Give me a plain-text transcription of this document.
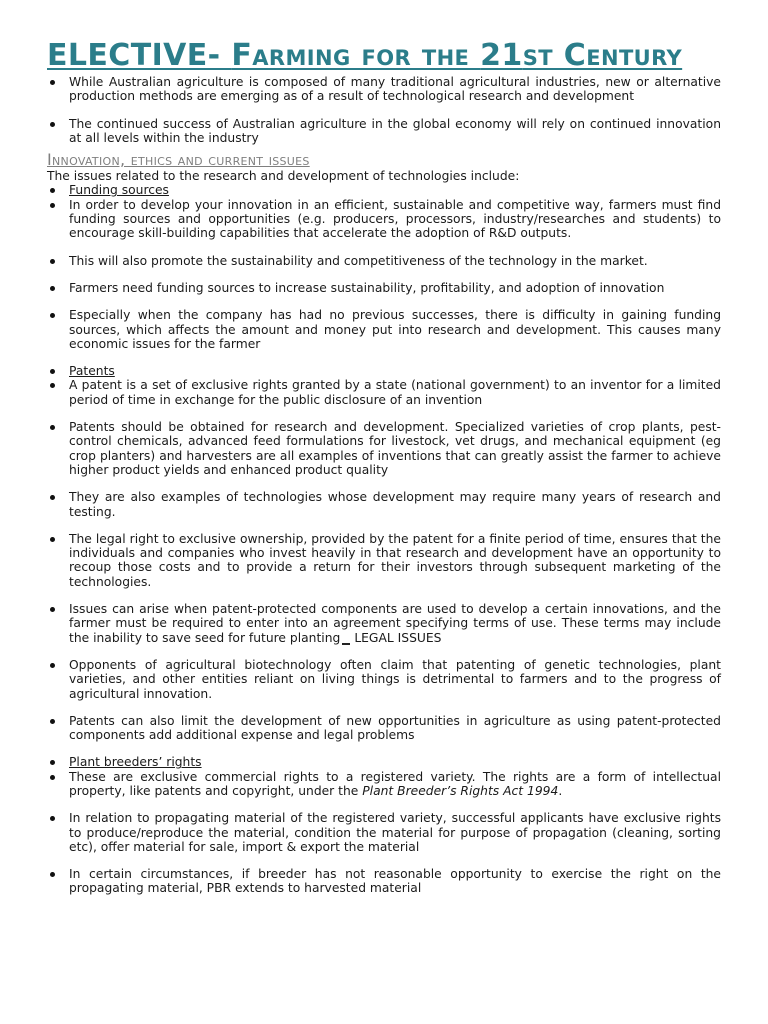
ELECTIVE- Farming for the 21st Century
While Australian agriculture is composed of many traditional agricultural industries, new or alternative production methods are emerging as of a result of technological research and development
The continued success of Australian agriculture in the global economy will rely on continued innovation at all levels within the industry
Innovation, ethics and current issues

The issues related to the research and development of technologies include:

Funding sources
In order to develop your innovation in an efficient, sustainable and competitive way, farmers must find funding sources and opportunities (e.g. producers, processors, industry/researches and students) to encourage skill-building capabilities that accelerate the adoption of R&D outputs.
This will also promote the sustainability and competitiveness of the technology in the market.
Farmers need funding sources to increase sustainability, profitability, and adoption of innovation
Especially when the company has had no previous successes, there is difficulty in gaining funding sources, which affects the amount and money put into research and development. This causes many economic issues for the farmer
Patents
A patent is a set of exclusive rights granted by a state (national government) to an inventor for a limited period of time in exchange for the public disclosure of an invention
Patents should be obtained for research and development. Specialized varieties of crop plants, pest-control chemicals, advanced feed formulations for livestock, vet drugs, and mechanical equipment (eg crop planters) and harvesters are all examples of inventions that can greatly assist the farmer to achieve higher product yields and enhanced product quality
They are also examples of technologies whose development may require many years of research and testing.
The legal right to exclusive ownership, provided by the patent for a finite period of time, ensures that the individuals and companies who invest heavily in that research and development have an opportunity to recoup those costs and to provide a return for their investors through subsequent marketing of the technologies.
Issues can arise when patent-protected components are used to develop a certain innovations, and the farmer must be required to enter into an agreement specifying terms of use. These terms may include the inability to save seed for future planting LEGAL ISSUES
Opponents of agricultural biotechnology often claim that patenting of genetic technologies, plant varieties, and other entities reliant on living things is detrimental to farmers and to the progress of agricultural innovation.
Patents can also limit the development of new opportunities in agriculture as using patent-protected components add additional expense and legal problems
Plant breeders’ rights
These are exclusive commercial rights to a registered variety. The rights are a form of intellectual property, like patents and copyright, under the Plant Breeder’s Rights Act 1994.
In relation to propagating material of the registered variety, successful applicants have exclusive rights to produce/reproduce the material, condition the material for purpose of propagation (cleaning, sorting etc), offer material for sale, import & export the material
In certain circumstances, if breeder has not reasonable opportunity to exercise the right on the propagating material, PBR extends to harvested material
